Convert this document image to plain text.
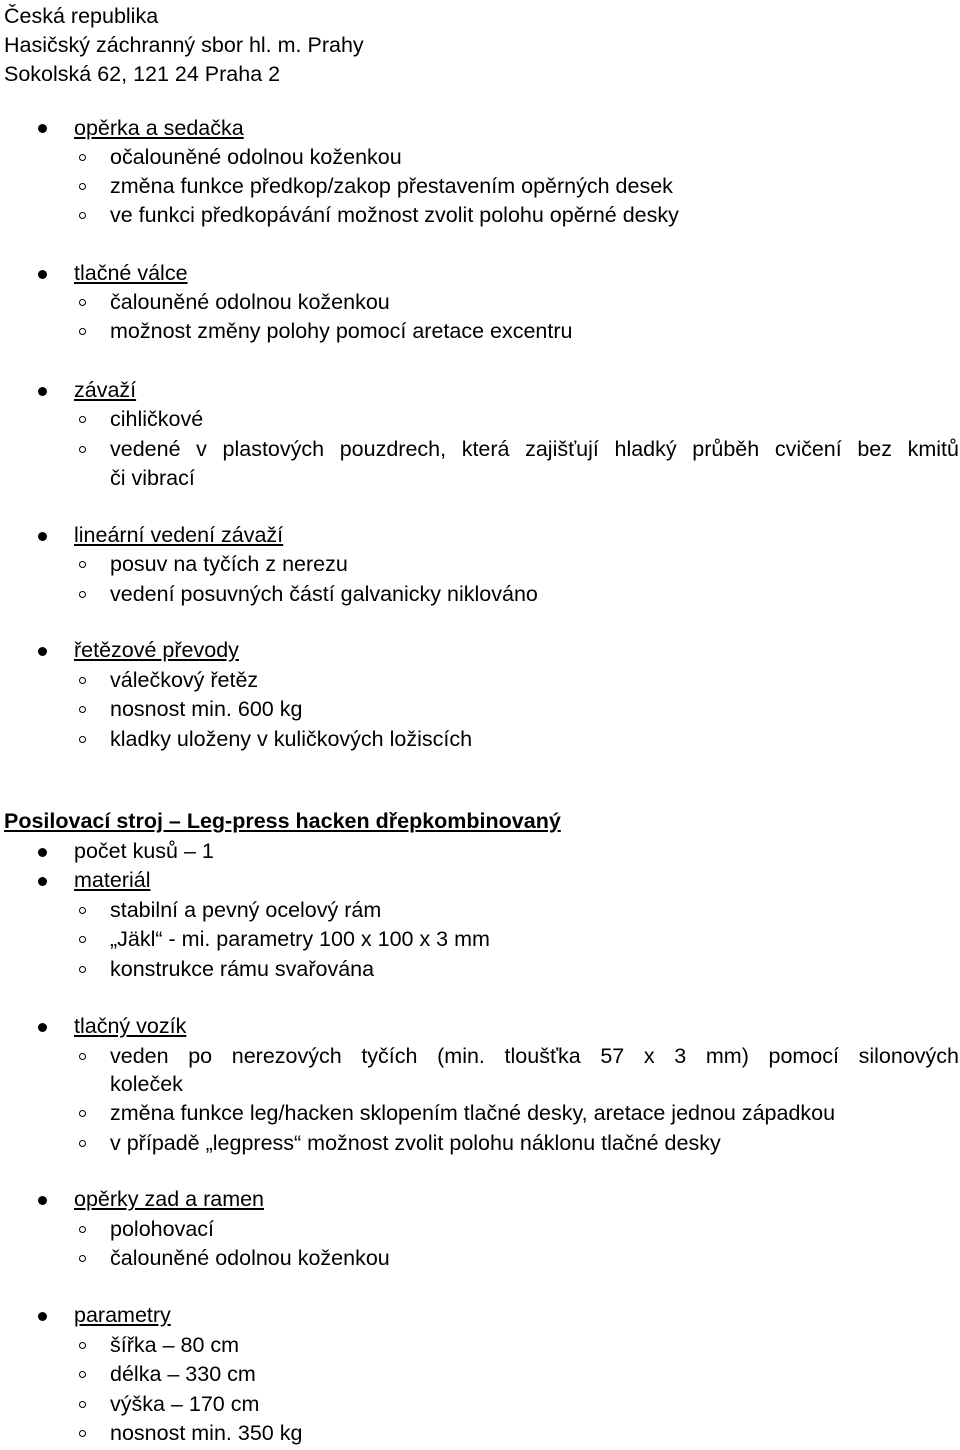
Česká republika
Hasičský záchranný sbor hl. m. Prahy
Sokolská 62, 121 24 Praha 2
opěrka a sedačka
očalouněné odolnou koženkou
změna funkce předkop/zakop přestavením opěrných desek
ve funkci předkopávání možnost zvolit polohu opěrné desky
tlačné válce
čalouněné odolnou koženkou
možnost změny polohy pomocí aretace excentru
závaží
cihličkové
vedené v plastových pouzdrech, která zajišťují hladký průběh cvičení bez kmitů
či vibrací
lineární vedení závaží
posuv na tyčích z nerezu
vedení posuvných částí galvanicky niklováno
řetězové převody
válečkový řetěz
nosnost min. 600 kg
kladky uloženy v kuličkových ložiscích
Posilovací stroj – Leg-press hacken dřepkombinovaný
počet kusů – 1
materiál
stabilní a pevný ocelový rám
„Jäkl“ - mi. parametry 100 x 100 x 3 mm
konstrukce rámu svařována
tlačný vozík
veden po nerezových tyčích (min. tloušťka 57 x 3 mm) pomocí silonových
koleček
změna funkce leg/hacken sklopením tlačné desky, aretace jednou západkou
v případě „legpress“ možnost zvolit polohu náklonu tlačné desky
opěrky zad a ramen
polohovací
čalouněné odolnou koženkou
parametry
šířka – 80 cm
délka – 330 cm
výška – 170 cm
nosnost min. 350 kg
